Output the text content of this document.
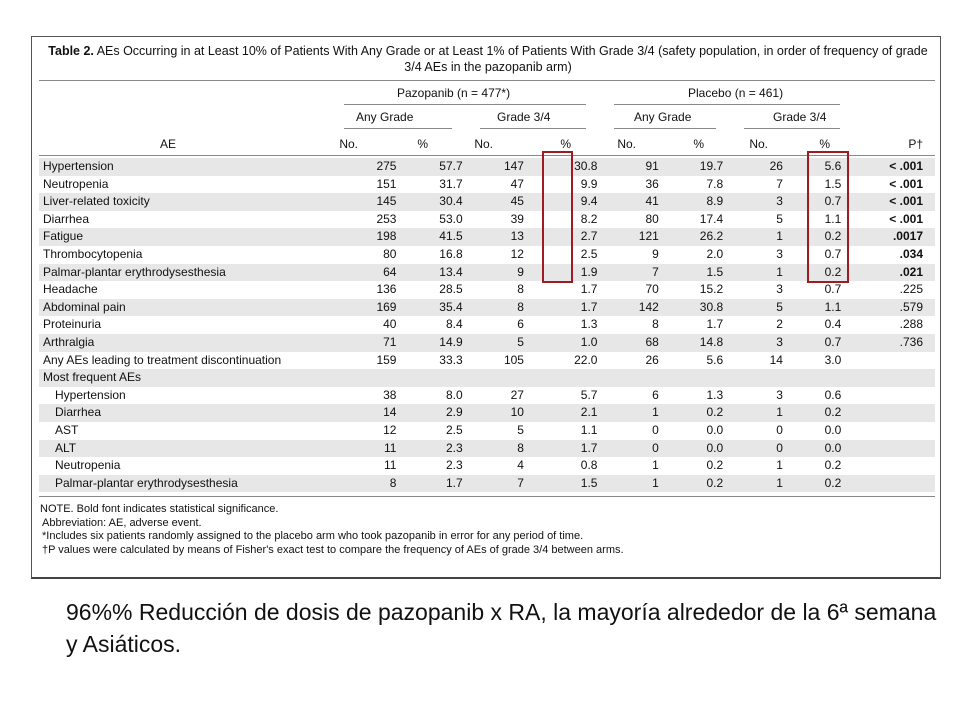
Table 2. AEs Occurring in at Least 10% of Patients With Any Grade or at Least 1% of Patients With Grade 3/4 (safety population, in order of frequency of grade 3/4 AEs in the pazopanib arm)
Pazopanib (n = 477*)	Placebo (n = 461)
Any Grade	Grade 3/4	Any Grade	Grade 3/4
AE	No.	%	No.	%	No.	%	No.	%	P†
Hypertension	275	57.7	147	30.8	91	19.7	26	5.6	< .001
Neutropenia	151	31.7	47	9.9	36	7.8	7	1.5	< .001
Liver-related toxicity	145	30.4	45	9.4	41	8.9	3	0.7	< .001
Diarrhea	253	53.0	39	8.2	80	17.4	5	1.1	< .001
Fatigue	198	41.5	13	2.7	121	26.2	1	0.2	.0017
Thrombocytopenia	80	16.8	12	2.5	9	2.0	3	0.7	.034
Palmar-plantar erythrodysesthesia	64	13.4	9	1.9	7	1.5	1	0.2	.021
Headache	136	28.5	8	1.7	70	15.2	3	0.7	.225
Abdominal pain	169	35.4	8	1.7	142	30.8	5	1.1	.579
Proteinuria	40	8.4	6	1.3	8	1.7	2	0.4	.288
Arthralgia	71	14.9	5	1.0	68	14.8	3	0.7	.736
Any AEs leading to treatment discontinuation	159	33.3	105	22.0	26	5.6	14	3.0	
Most frequent AEs									
Hypertension	38	8.0	27	5.7	6	1.3	3	0.6	
Diarrhea	14	2.9	10	2.1	1	0.2	1	0.2	
AST	12	2.5	5	1.1	0	0.0	0	0.0	
ALT	11	2.3	8	1.7	0	0.0	0	0.0	
Neutropenia	11	2.3	4	0.8	1	0.2	1	0.2	
Palmar-plantar erythrodysesthesia	8	1.7	7	1.5	1	0.2	1	0.2	
NOTE. Bold font indicates statistical significance.
Abbreviation: AE, adverse event.
*Includes six patients randomly assigned to the placebo arm who took pazopanib in error for any period of time.
†P values were calculated by means of Fisher's exact test to compare the frequency of AEs of grade 3/4 between arms.
96%% Reducción de dosis de pazopanib x RA, la mayoría alrededor de la 6ª semana y Asiáticos.
